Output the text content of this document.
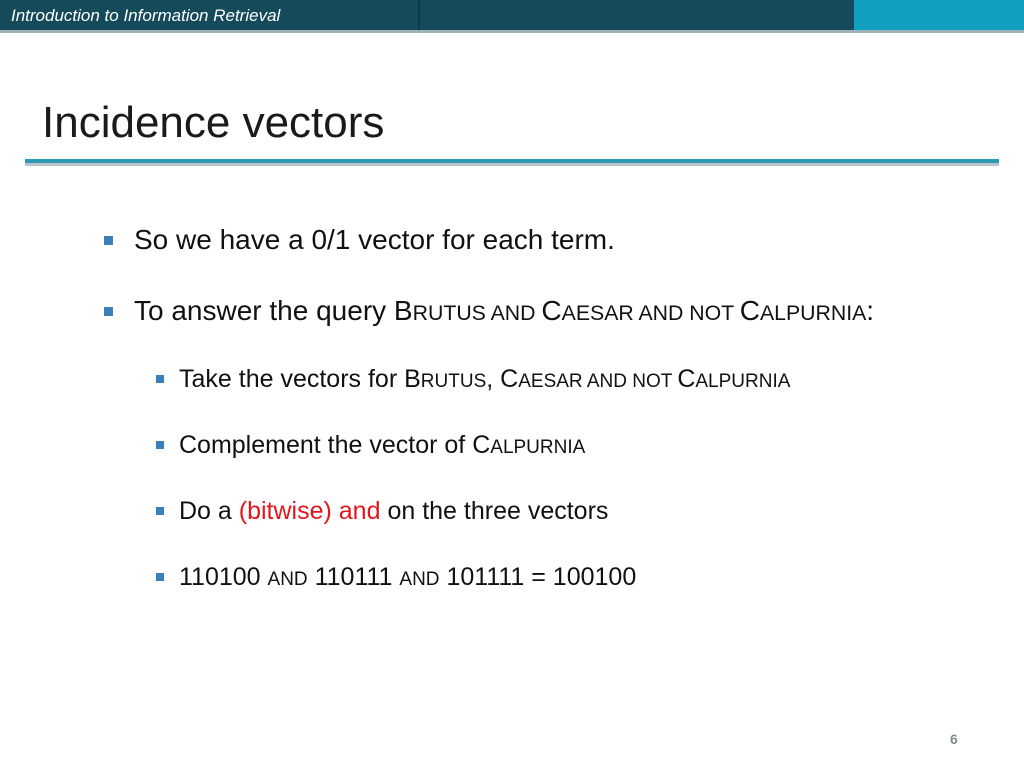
Introduction to Information Retrieval
Incidence vectors
So we have a 0/1 vector for each term.
To answer the query BRUTUS AND CAESAR AND NOT CALPURNIA:
Take the vectors for BRUTUS, CAESAR AND NOT CALPURNIA
Complement the vector of CALPURNIA
Do a (bitwise) and on the three vectors
110100 AND 110111 AND 101111 = 100100
6
